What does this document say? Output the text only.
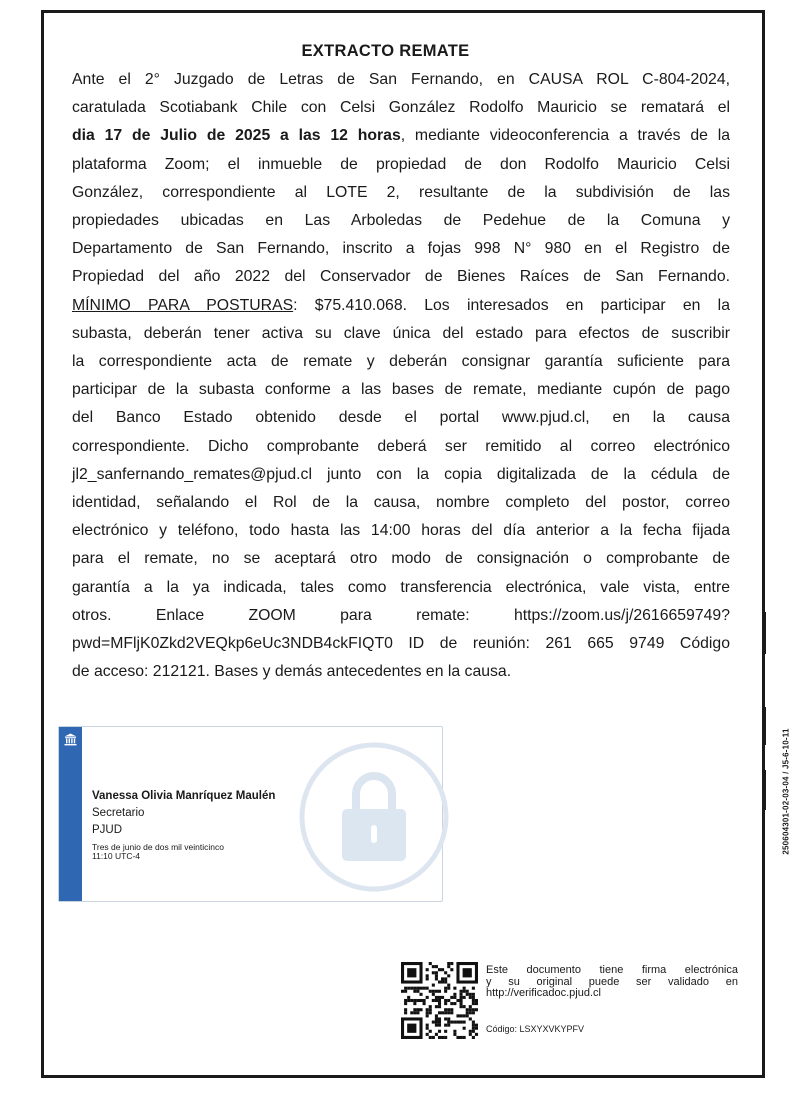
EXTRACTO REMATE
Ante el 2° Juzgado de Letras de San Fernando, en CAUSA ROL C-804-2024,
caratulada Scotiabank Chile con Celsi González Rodolfo Mauricio se rematará el
dia 17 de Julio de 2025 a las 12 horas, mediante videoconferencia a través de la
plataforma Zoom; el inmueble de propiedad de don Rodolfo Mauricio Celsi
González, correspondiente al LOTE 2, resultante de la subdivisión de las
propiedades ubicadas en Las Arboledas de Pedehue de la Comuna y
Departamento de San Fernando, inscrito a fojas 998 N° 980 en el Registro de
Propiedad del año 2022 del Conservador de Bienes Raíces de San Fernando.
MÍNIMO PARA POSTURAS: $75.410.068. Los interesados en participar en la
subasta, deberán tener activa su clave única del estado para efectos de suscribir
la correspondiente acta de remate y deberán consignar garantía suficiente para
participar de la subasta conforme a las bases de remate, mediante cupón de pago
del Banco Estado obtenido desde el portal www.pjud.cl, en la causa
correspondiente. Dicho comprobante deberá ser remitido al correo electrónico
jl2_sanfernando_remates@pjud.cl junto con la copia digitalizada de la cédula de
identidad, señalando el Rol de la causa, nombre completo del postor, correo
electrónico y teléfono, todo hasta las 14:00 horas del día anterior a la fecha fijada
para el remate, no se aceptará otro modo de consignación o comprobante de
garantía a la ya indicada, tales como transferencia electrónica, vale vista, entre
otros. Enlace ZOOM para remate: https://zoom.us/j/2616659749?
pwd=MFljK0Zkd2VEQkp6eUc3NDB4ckFIQT0 ID de reunión: 261 665 9749 Código
de acceso: 212121. Bases y demás antecedentes en la causa.
250604301-02-03-04 / J5-6-10-11
Vanessa Olivia Manríquez Maulén
Secretario
PJUD
Tres de junio de dos mil veinticinco
11:10 UTC-4
Este documento tiene firma electrónica
y su original puede ser validado en
http://verificadoc.pjud.cl
Código: LSXYXVKYPFV
